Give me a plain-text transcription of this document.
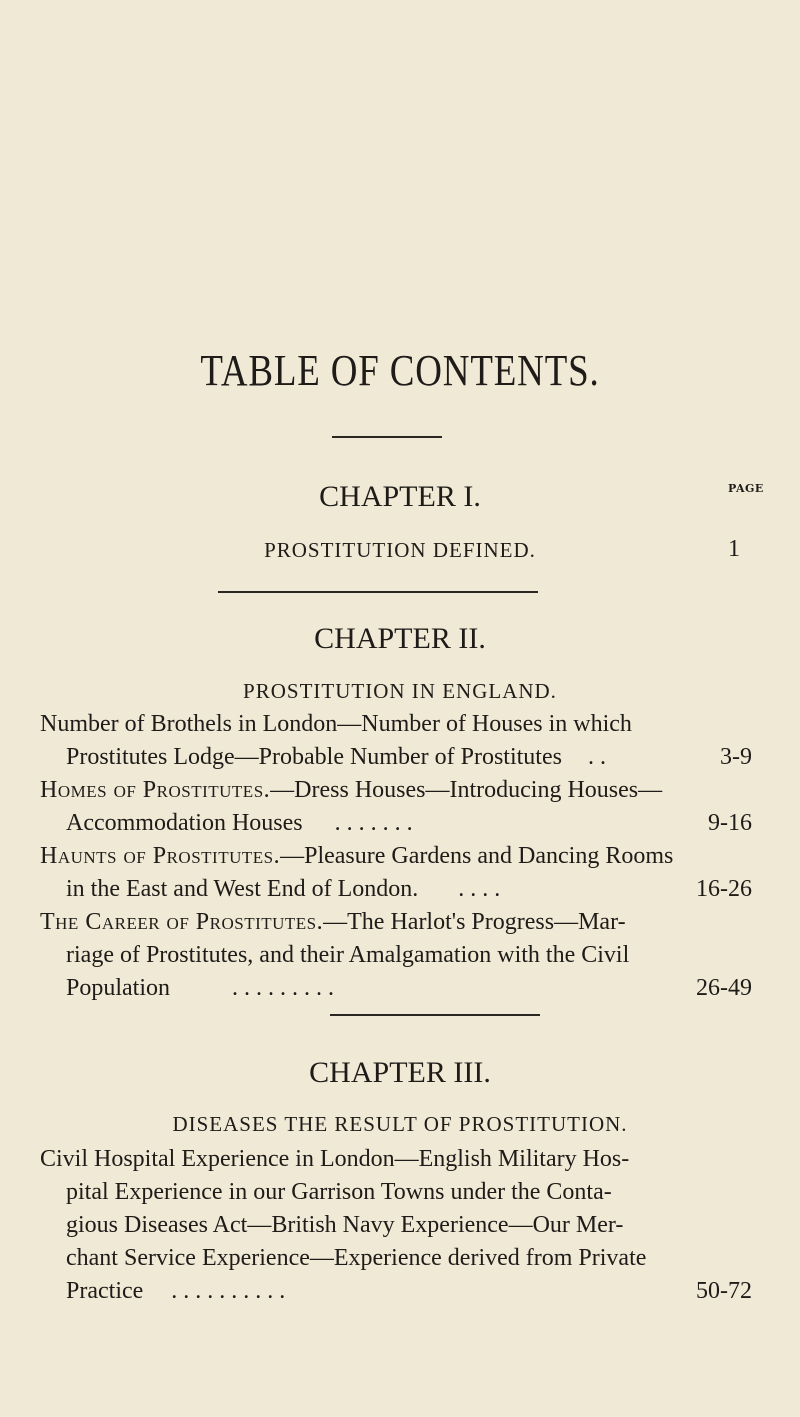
TABLE OF CONTENTS.
PAGE
CHAPTER I.
PROSTITUTION DEFINED.	1
CHAPTER II.
PROSTITUTION IN ENGLAND.
Number of Brothels in London—Number of Houses in which
Prostitutes Lodge—Probable Number of Prostitutes . .	3-9
Homes of Prostitutes.—Dress Houses—Introducing Houses—
Accommodation Houses . . . . . . .	9-16
Haunts of Prostitutes.—Pleasure Gardens and Dancing Rooms
in the East and West End of London. . . . .	16-26
The Career of Prostitutes.—The Harlot's Progress—Mar-
riage of Prostitutes, and their Amalgamation with the Civil
Population	. . . . . . . . .	26-49
CHAPTER III.
DISEASES THE RESULT OF PROSTITUTION.
Civil Hospital Experience in London—English Military Hos-
pital Experience in our Garrison Towns under the Conta-
gious Diseases Act—British Navy Experience—Our Mer-
chant Service Experience—Experience derived from Private
Practice . . . . . . . . . .	50-72
